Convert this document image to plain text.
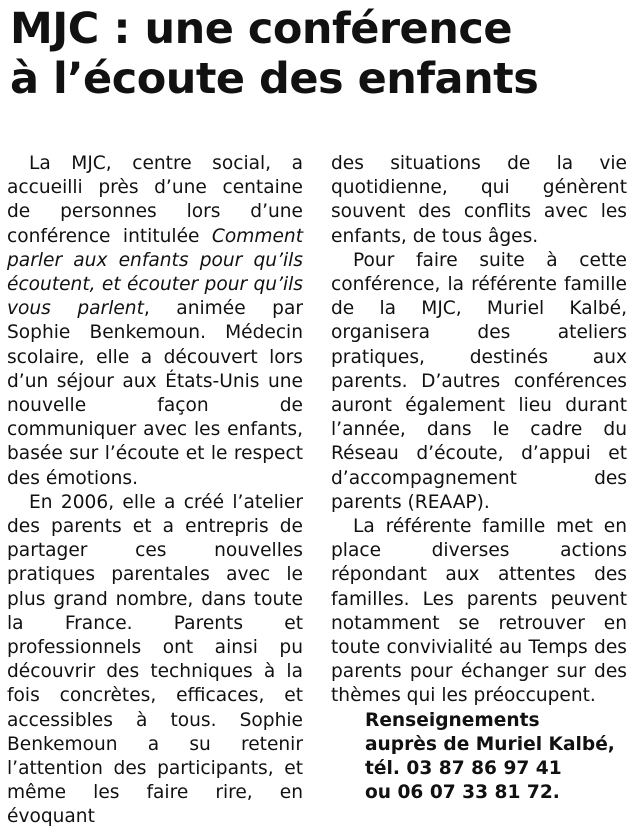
MJC : une conférence
à l’écoute des enfants

La MJC, centre social, a accueilli près d’une centaine de personnes lors d’une conférence intitulée Comment parler aux enfants pour qu’ils écoutent, et écouter pour qu’ils vous parlent, animée par Sophie Benkemoun. Médecin scolaire, elle a découvert lors d’un séjour aux États-Unis une nouvelle façon de communiquer avec les enfants, basée sur l’écoute et le respect des émotions.

En 2006, elle a créé l’atelier des parents et a entrepris de partager ces nouvelles pratiques parentales avec le plus grand nombre, dans toute la France. Parents et professionnels ont ainsi pu découvrir des techniques à la fois concrètes, efficaces, et accessibles à tous. Sophie Benkemoun a su retenir l’attention des participants, et même les faire rire, en évoquant

des situations de la vie quotidienne, qui génèrent souvent des conflits avec les enfants, de tous âges.

Pour faire suite à cette conférence, la référente famille de la MJC, Muriel Kalbé, organisera des ateliers pratiques, destinés aux parents. D’autres conférences auront également lieu durant l’année, dans le cadre du Réseau d’écoute, d’appui et d’accompagnement des parents (REAAP).

La référente famille met en place diverses actions répondant aux attentes des familles. Les parents peuvent notamment se retrouver en toute convivialité au Temps des parents pour échanger sur des thèmes qui les préoccupent.

Renseignements
auprès de Muriel Kalbé,
tél. 03 87 86 97 41
ou 06 07 33 81 72.
